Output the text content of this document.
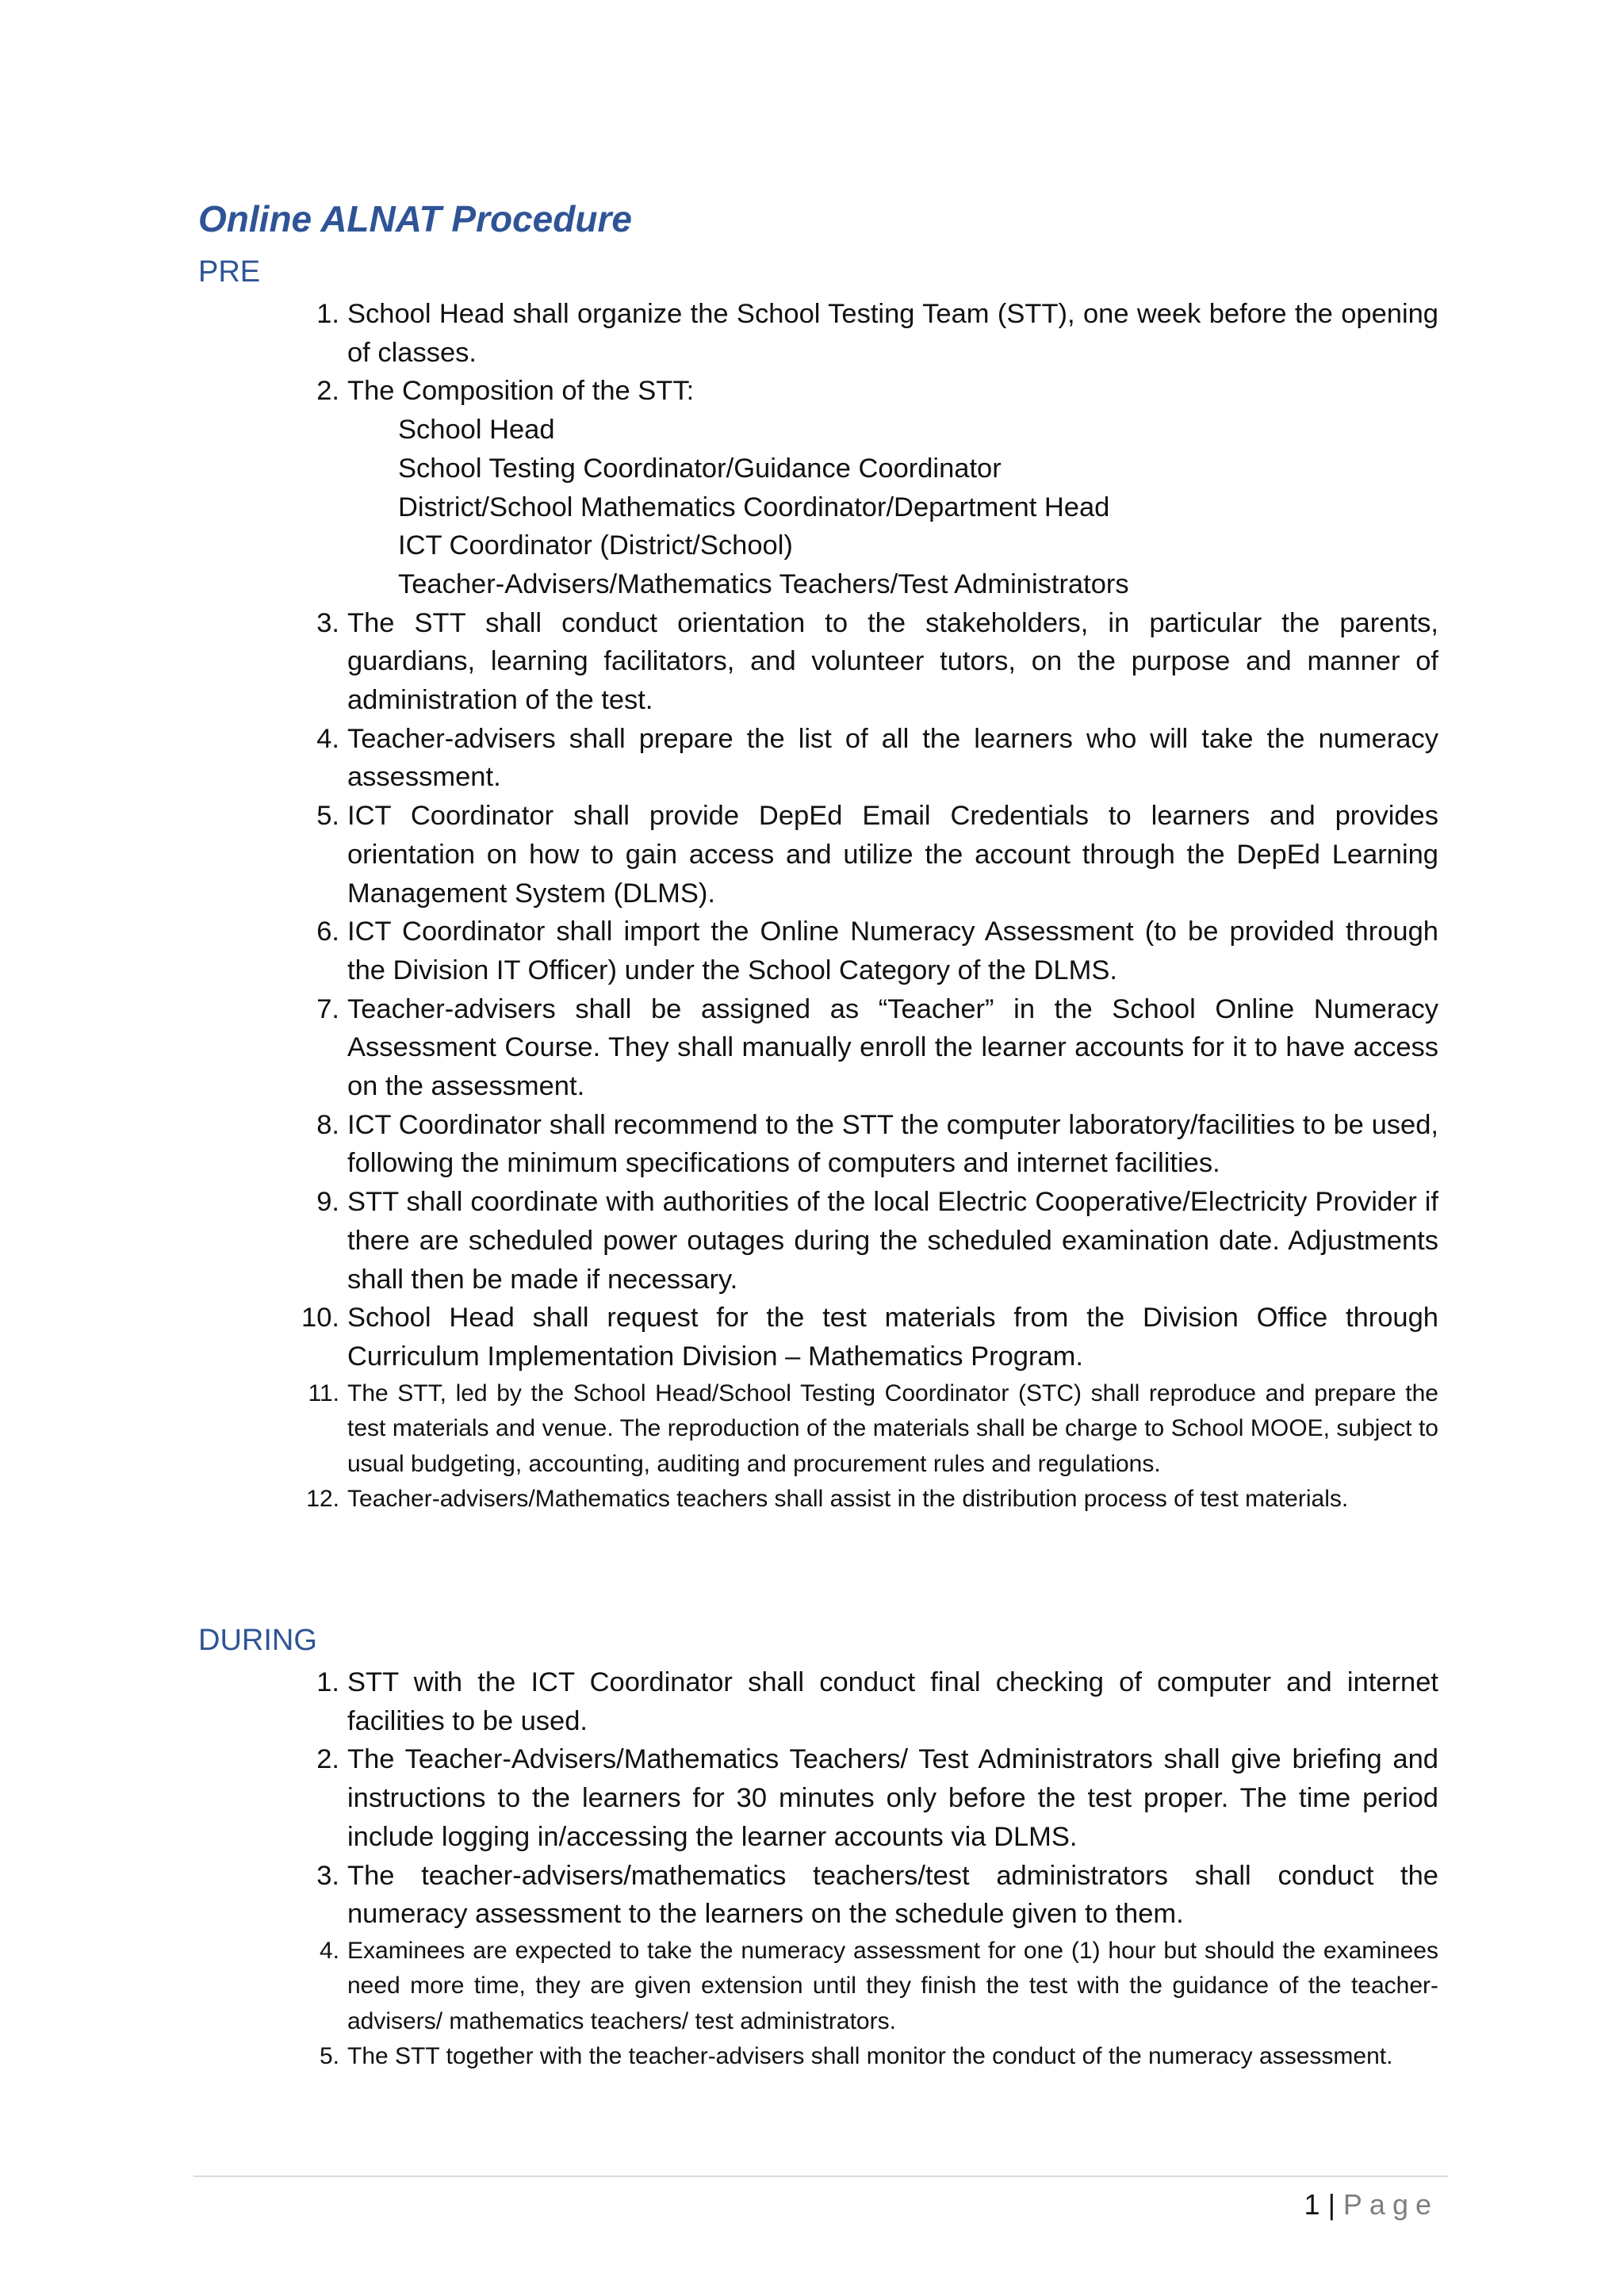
Online ALNAT Procedure
PRE
1. School Head shall organize the School Testing Team (STT), one week before the opening of classes.
2. The Composition of the STT:
School Head
School Testing Coordinator/Guidance Coordinator
District/School Mathematics Coordinator/Department Head
ICT Coordinator (District/School)
Teacher-Advisers/Mathematics Teachers/Test Administrators
3. The STT shall conduct orientation to the stakeholders, in particular the parents, guardians, learning facilitators, and volunteer tutors, on the purpose and manner of administration of the test.
4. Teacher-advisers shall prepare the list of all the learners who will take the numeracy assessment.
5. ICT Coordinator shall provide DepEd Email Credentials to learners and provides orientation on how to gain access and utilize the account through the DepEd Learning Management System (DLMS).
6. ICT Coordinator shall import the Online Numeracy Assessment (to be provided through the Division IT Officer) under the School Category of the DLMS.
7. Teacher-advisers shall be assigned as “Teacher” in the School Online Numeracy Assessment Course. They shall manually enroll the learner accounts for it to have access on the assessment.
8. ICT Coordinator shall recommend to the STT the computer laboratory/facilities to be used, following the minimum specifications of computers and internet facilities.
9. STT shall coordinate with authorities of the local Electric Cooperative/Electricity Provider if there are scheduled power outages during the scheduled examination date. Adjustments shall then be made if necessary.
10. School Head shall request for the test materials from the Division Office through Curriculum Implementation Division – Mathematics Program.
11. The STT, led by the School Head/School Testing Coordinator (STC) shall reproduce and prepare the test materials and venue. The reproduction of the materials shall be charge to School MOOE, subject to usual budgeting, accounting, auditing and procurement rules and regulations.
12. Teacher-advisers/Mathematics teachers shall assist in the distribution process of test materials.
DURING
1. STT with the ICT Coordinator shall conduct final checking of computer and internet facilities to be used.
2. The Teacher-Advisers/Mathematics Teachers/ Test Administrators shall give briefing and instructions to the learners for 30 minutes only before the test proper. The time period include logging in/accessing the learner accounts via DLMS.
3. The teacher-advisers/mathematics teachers/test administrators shall conduct the numeracy assessment to the learners on the schedule given to them.
4. Examinees are expected to take the numeracy assessment for one (1) hour but should the examinees need more time, they are given extension until they finish the test with the guidance of the teacher-advisers/ mathematics teachers/ test administrators.
5. The STT together with the teacher-advisers shall monitor the conduct of the numeracy assessment.
1 | Page
